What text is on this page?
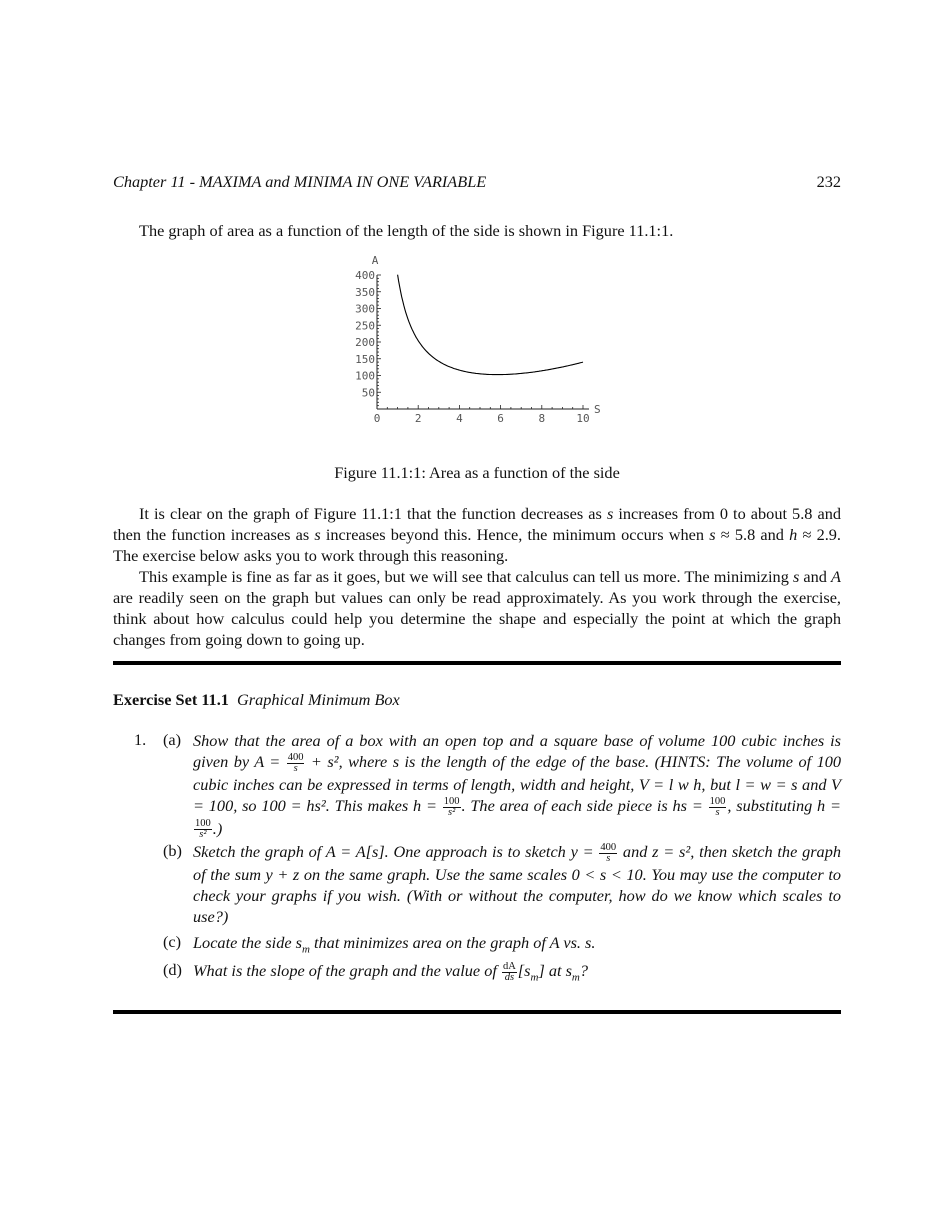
Chapter 11 - MAXIMA and MINIMA IN ONE VARIABLE	232
The graph of area as a function of the length of the side is shown in Figure 11.1:1.
0	2	4	6	8	10
50
100
150
200
250
300
350
400
S
A
Figure 11.1:1: Area as a function of the side
It is clear on the graph of Figure 11.1:1 that the function decreases as s increases from 0 to about 5.8 and then the function increases as s increases beyond this. Hence, the minimum occurs when s ≈ 5.8 and h ≈ 2.9. The exercise below asks you to work through this reasoning.
This example is fine as far as it goes, but we will see that calculus can tell us more. The minimizing s and A are readily seen on the graph but values can only be read approximately. As you work through the exercise, think about how calculus could help you determine the shape and especially the point at which the graph changes from going down to going up.
Exercise Set 11.1 Graphical Minimum Box
1. (a) Show that the area of a box with an open top and a square base of volume 100 cubic inches is given by $A = \frac{400}{s} + s^2$, where s is the length of the edge of the base. (HINTS: The volume of 100 cubic inches can be expressed in terms of length, width and height, V = l w h, but l = w = s and V = 100, so 100 = hs². This makes $h = \frac{100}{\text{s²}}$ . The area of each side piece is hs = $\frac{100}{s}$ , substituting h =
$\frac{100}{\text{s²}}$ .)
(b) Sketch the graph of A = A[s]. One approach is to sketch $y = \frac{400}{s}$ and z = s², then sketch the graph of the sum y + z on the same graph. Use the same scales 0 < s < 10. You may use the computer to check your graphs if you wish. (With or without the computer, how do we know which scales to use?)
(c) Locate the side $s_m$ that minimizes area on the graph of A vs. s.
(d) What is the slope of the graph and the value of $\frac{dA}{ds} [s_m]$ at $s_m$?
